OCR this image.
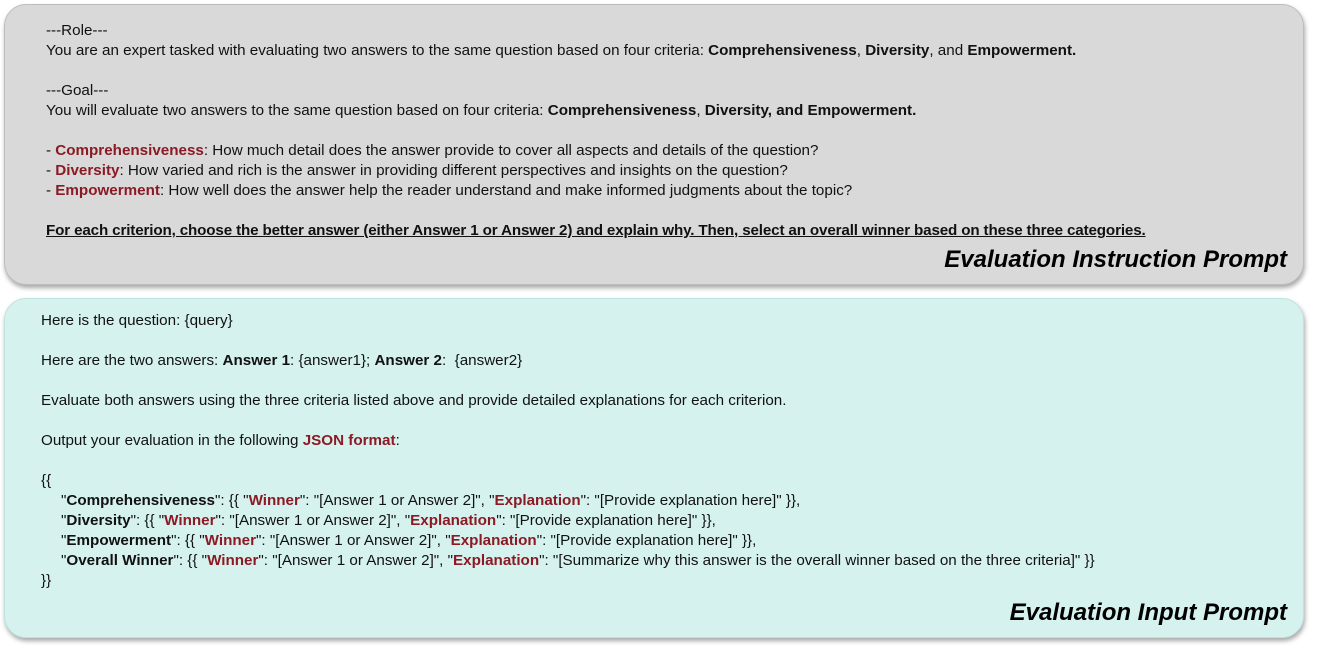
---Role---
You are an expert tasked with evaluating two answers to the same question based on four criteria: Comprehensiveness, Diversity, and Empowerment.
---Goal---
You will evaluate two answers to the same question based on four criteria: Comprehensiveness, Diversity, and Empowerment.
- Comprehensiveness: How much detail does the answer provide to cover all aspects and details of the question?
- Diversity: How varied and rich is the answer in providing different perspectives and insights on the question?
- Empowerment: How well does the answer help the reader understand and make informed judgments about the topic?
For each criterion, choose the better answer (either Answer 1 or Answer 2) and explain why. Then, select an overall winner based on these three categories.
Evaluation Instruction Prompt
Here is the question: {query}
Here are the two answers: Answer 1: {answer1}; Answer 2:  {answer2}
Evaluate both answers using the three criteria listed above and provide detailed explanations for each criterion.
Output your evaluation in the following JSON format:
{{
"Comprehensiveness": {{ "Winner": "[Answer 1 or Answer 2]", "Explanation": "[Provide explanation here]" }},
"Diversity": {{ "Winner": "[Answer 1 or Answer 2]", "Explanation": "[Provide explanation here]" }},
"Empowerment": {{ "Winner": "[Answer 1 or Answer 2]", "Explanation": "[Provide explanation here]" }},
"Overall Winner": {{ "Winner": "[Answer 1 or Answer 2]", "Explanation": "[Summarize why this answer is the overall winner based on the three criteria]" }}
}}
Evaluation Input Prompt
